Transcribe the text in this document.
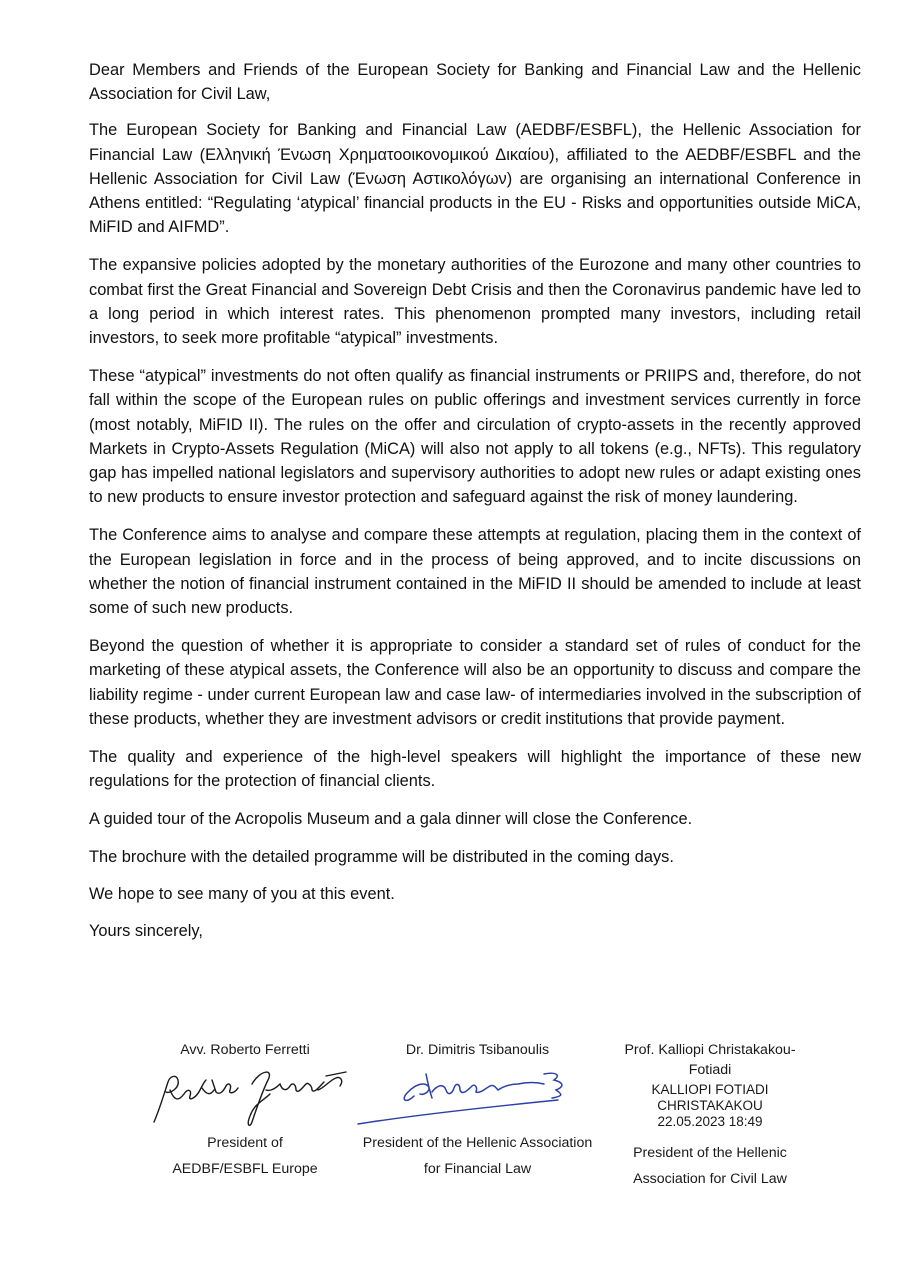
Dear Members and Friends of the European Society for Banking and Financial Law and the Hellenic Association for Civil Law,

The European Society for Banking and Financial Law (AEDBF/ESBFL), the Hellenic Association for Financial Law (Ελληνική Ένωση Χρηματοοικονομικού Δικαίου), affiliated to the AEDBF/ESBFL and the Hellenic Association for Civil Law (Ένωση Αστικολόγων) are organising an international Conference in Athens entitled: “Regulating ‘atypical’ financial products in the EU - Risks and opportunities outside MiCA, MiFID and AIFMD”.

The expansive policies adopted by the monetary authorities of the Eurozone and many other countries to combat first the Great Financial and Sovereign Debt Crisis and then the Coronavirus pandemic have led to a long period in which interest rates. This phenomenon prompted many investors, including retail investors, to seek more profitable “atypical” investments.

These “atypical” investments do not often qualify as financial instruments or PRIIPS and, therefore, do not fall within the scope of the European rules on public offerings and investment services currently in force (most notably, MiFID II). The rules on the offer and circulation of crypto-assets in the recently approved Markets in Crypto-Assets Regulation (MiCA) will also not apply to all tokens (e.g., NFTs). This regulatory gap has impelled national legislators and supervisory authorities to adopt new rules or adapt existing ones to new products to ensure investor protection and safeguard against the risk of money laundering.

The Conference aims to analyse and compare these attempts at regulation, placing them in the context of the European legislation in force and in the process of being approved, and to incite discussions on whether the notion of financial instrument contained in the MiFID II should be amended to include at least some of such new products.

Beyond the question of whether it is appropriate to consider a standard set of rules of conduct for the marketing of these atypical assets, the Conference will also be an opportunity to discuss and compare the liability regime - under current European law and case law- of intermediaries involved in the subscription of these products, whether they are investment advisors or credit institutions that provide payment.

The quality and experience of the high-level speakers will highlight the importance of these new regulations for the protection of financial clients.

A guided tour of the Acropolis Museum and a gala dinner will close the Conference.

The brochure with the detailed programme will be distributed in the coming days.

We hope to see many of you at this event.

Yours sincerely,

Avv. Roberto Ferretti
President of
AEDBF/ESBFL Europe
Dr. Dimitris Tsibanoulis
President of the Hellenic Association
for Financial Law
Prof. Kalliopi Christakakou-
Fotiadi
KALLIOPI FOTIADI
CHRISTAKAKOU
22.05.2023 18:49
President of the Hellenic
Association for Civil Law
